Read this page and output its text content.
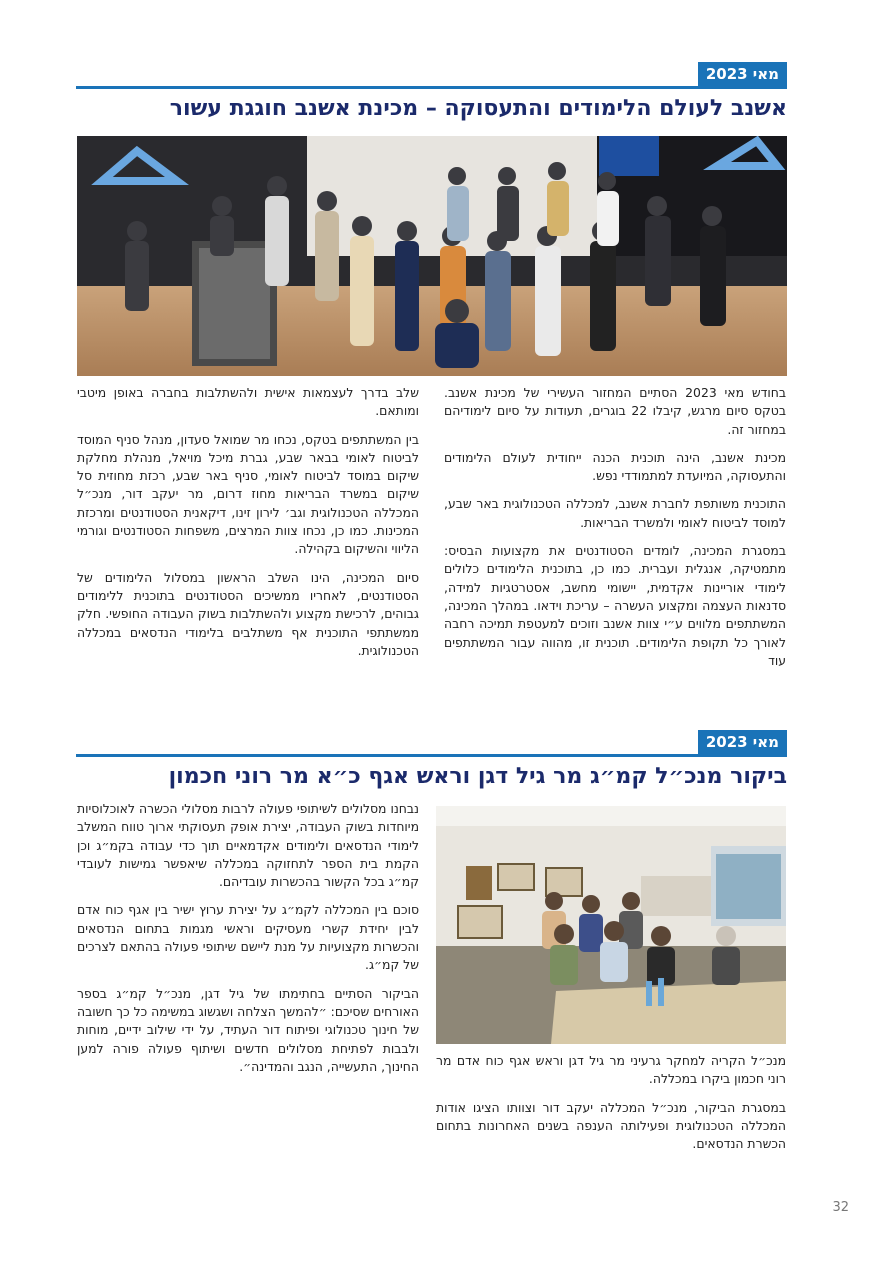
מאי 2023
אשנב לעולם הלימודים והתעסוקה – מכינת אשנב חוגגת עשור

בחודש מאי 2023 הסתיים המחזור העשירי של מכינת אשנב. בטקס סיום מרגש, קיבלו 22 בוגרים, תעודות על סיום לימודיהם במחזור זה.

מכינת אשנב, הינה תוכנית הכנה ייחודית לעולם הלימודים והתעסוקה, המיועדת למתמודדי נפש.

התוכנית משותפת לחברת אשנב, למכללה הטכנולוגית באר שבע, למוסד לביטוח לאומי ולמשרד הבריאות.

במסגרת המכינה, לומדים הסטודנטים את מקצועות הבסיס: מתמטיקה, אנגלית ועברית. כמו כן, בתוכנית הלימודים כלולים לימודי אוריינות אקדמית, יישומי מחשב, אסטרטגיות למידה, סדנאות העצמה ומקצוע העשרה – עריכת וידאו. במהלך המכינה, המשתתפים מלווים ע״י צוות אשנב וזוכים למעטפת תמיכה רחבה לאורך כל תקופת הלימודים. תוכנית זו, מהווה עבור המשתתפים עוד

שלב בדרך לעצמאות אישית ולהשתלבות בחברה באופן מיטבי ומותאם.

בין המשתתפים בטקס, נכחו מר שמואל סעדון, מנהל סניף המוסד לביטוח לאומי בבאר שבע, גברת מיכל מויאל, מנהלת מחלקת שיקום במוסד לביטוח לאומי, סניף באר שבע, רכזת מחוזית סל שיקום במשרד הבריאות מחוז דרום, מר יעקב דור, מנכ״ל המכללה הטכנולוגית וגב׳ לירון זינו, דיקאנית הסטודנטים ומרכזת המכינות. כמו כן, נכחו צוות המרצים, משפחות הסטודנטים וגורמי הליווי והשיקום בקהילה.

סיום המכינה, הינו השלב הראשון במסלול הלימודים של הסטודנטים, לאחריו ממשיכים הסטודנטים בתוכנית ללימודים גבוהים, לרכישת מקצוע ולהשתלבות בשוק העבודה החופשי. חלק ממשתתפי התוכנית אף משתלבים בלימודי הנדסאים במכללה הטכנולוגית.

מאי 2023
ביקור מנכ״ל קמ״ג מר גיל דגן וראש אגף כ״א מר רוני חכמון

מנכ״ל הקריה למחקר גרעיני מר גיל דגן וראש אגף כוח אדם מר רוני חכמון ביקרו במכללה.

במסגרת הביקור, מנכ״ל המכללה יעקב דור וצוותו הציגו אודות המכללה הטכנולוגית ופעילותה הענפה בשנים האחרונות בתחום הכשרת הנדסאים.

נבחנו מסלולים לשיתופי פעולה לרבות מסלולי הכשרה לאוכלוסיות מיוחדות בשוק העבודה, יצירת אופק תעסוקתי ארוך טווח המשלב לימודי הנדסאים ולימודים אקדמאיים תוך כדי עבודה בקמ״ג וכן הקמת בית הספר לתחזוקה במכללה שיאפשר גמישות לעובדי קמ״ג בכל הקשור בהכשרות עובדיהם.

סוכם בין המכללה לקמ״ג על יצירת ערוץ ישיר בין אגף כוח אדם לבין יחידת קשרי מעסיקים וראשי מגמות בתחום הנדסאים והכשרות מקצועיות על מנת ליישם שיתופי פעולה בהתאם לצרכים של קמ״ג.

הביקור הסתיים בחתימתו של גיל דגן, מנכ״ל קמ״ג בספר האורחים שסיכם: ״להמשך הצלחה ושגשוג במשימה כל כך חשובה של חינוך טכנולוגי ופיתוח דור העתיד, על ידי שילוב ידיים, מוחות ולבבות לפתיחת מסלולים חדשים ושיתוף פעולה פורה למען החינוך, התעשייה, הנגב והמדינה״.

32
